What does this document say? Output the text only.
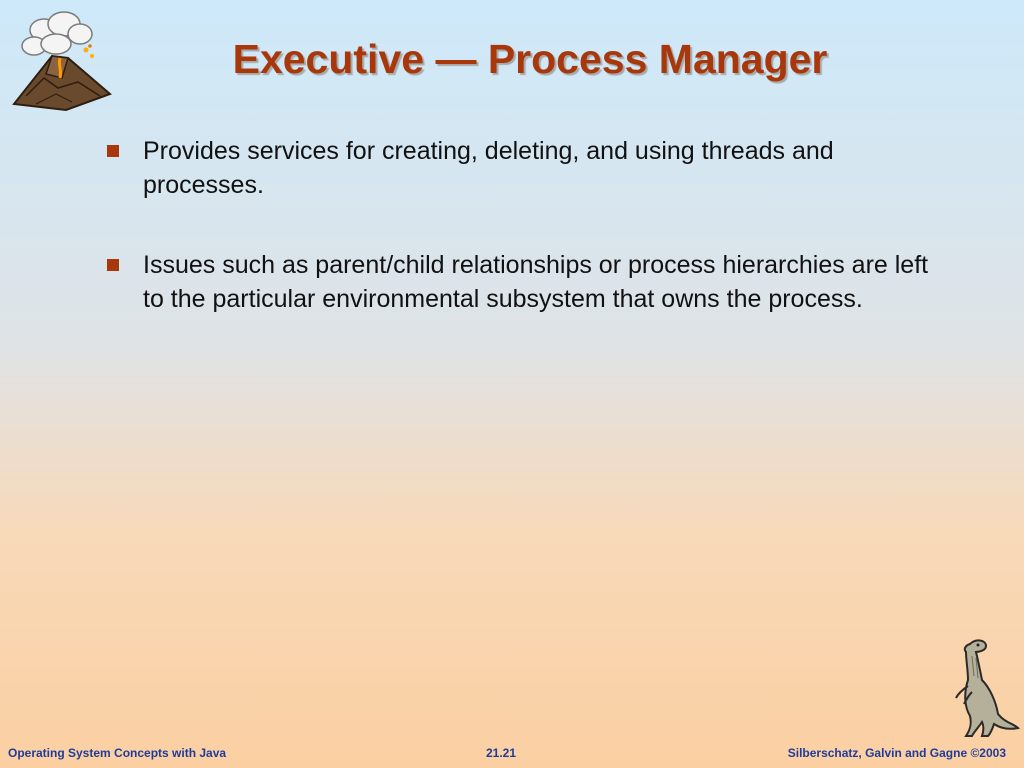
Executive — Process Manager
Provides services for creating, deleting, and using threads and processes.
Issues such as parent/child relationships or process hierarchies are left to the particular environmental subsystem that owns the process.
Operating System Concepts with Java	21.21	Silberschatz, Galvin and Gagne ©2003
